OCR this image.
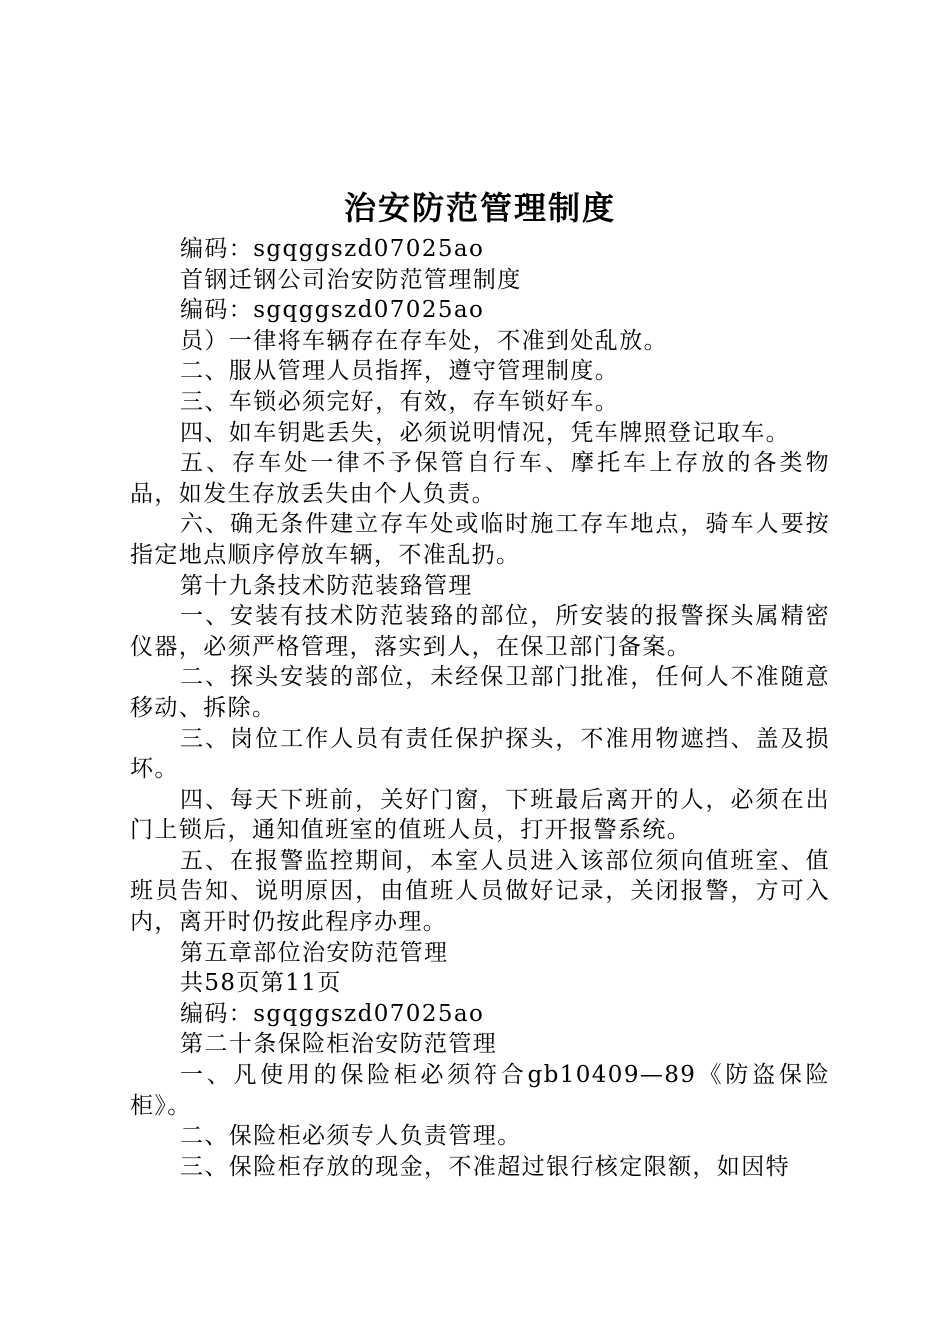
治安防范管理制度

编码：sgqggszd07025ao

首钢迁钢公司治安防范管理制度

编码：sgqggszd07025ao

员）一律将车辆存在存车处，不准到处乱放。

二、服从管理人员指挥，遵守管理制度。

三、车锁必须完好，有效，存车锁好车。

四、如车钥匙丢失，必须说明情况，凭车牌照登记取车。

五、存车处一律不予保管自行车、摩托车上存放的各类物品，如发生存放丢失由个人负责。

六、确无条件建立存车处或临时施工存车地点，骑车人要按指定地点顺序停放车辆，不准乱扔。

第十九条技术防范装臵管理

一、安装有技术防范装臵的部位，所安装的报警探头属精密仪器，必须严格管理，落实到人，在保卫部门备案。

二、探头安装的部位，未经保卫部门批准，任何人不准随意移动、拆除。

三、岗位工作人员有责任保护探头，不准用物遮挡、盖及损坏。

四、每天下班前，关好门窗，下班最后离开的人，必须在出门上锁后，通知值班室的值班人员，打开报警系统。

五、在报警监控期间，本室人员进入该部位须向值班室、值班员告知、说明原因，由值班人员做好记录，关闭报警，方可入内，离开时仍按此程序办理。

第五章部位治安防范管理

共58页第11页

编码：sgqggszd07025ao

第二十条保险柜治安防范管理

一、凡使用的保险柜必须符合gb10409—89《防盗保险柜》。

二、保险柜必须专人负责管理。

三、保险柜存放的现金，不准超过银行核定限额，如因特
